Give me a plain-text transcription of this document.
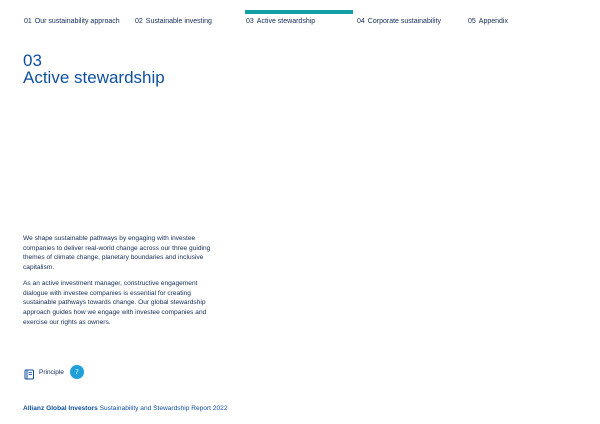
01 Our sustainability approach 02 Sustainable investing	03 Active stewardship	04 Corporate sustainability	05 Appendix
03
Active stewardship

We shape sustainable pathways by engaging with investee companies to deliver real-world change across our three guiding themes of climate change, planetary boundaries and inclusive capitalism.

As an active investment manager, constructive engagement dialogue with investee companies is essential for creating sustainable pathways towards change. Our global stewardship approach guides how we engage with investee companies and exercise our rights as owners.

Principle	7
Allianz Global Investors Sustainability and Stewardship Report 2022
